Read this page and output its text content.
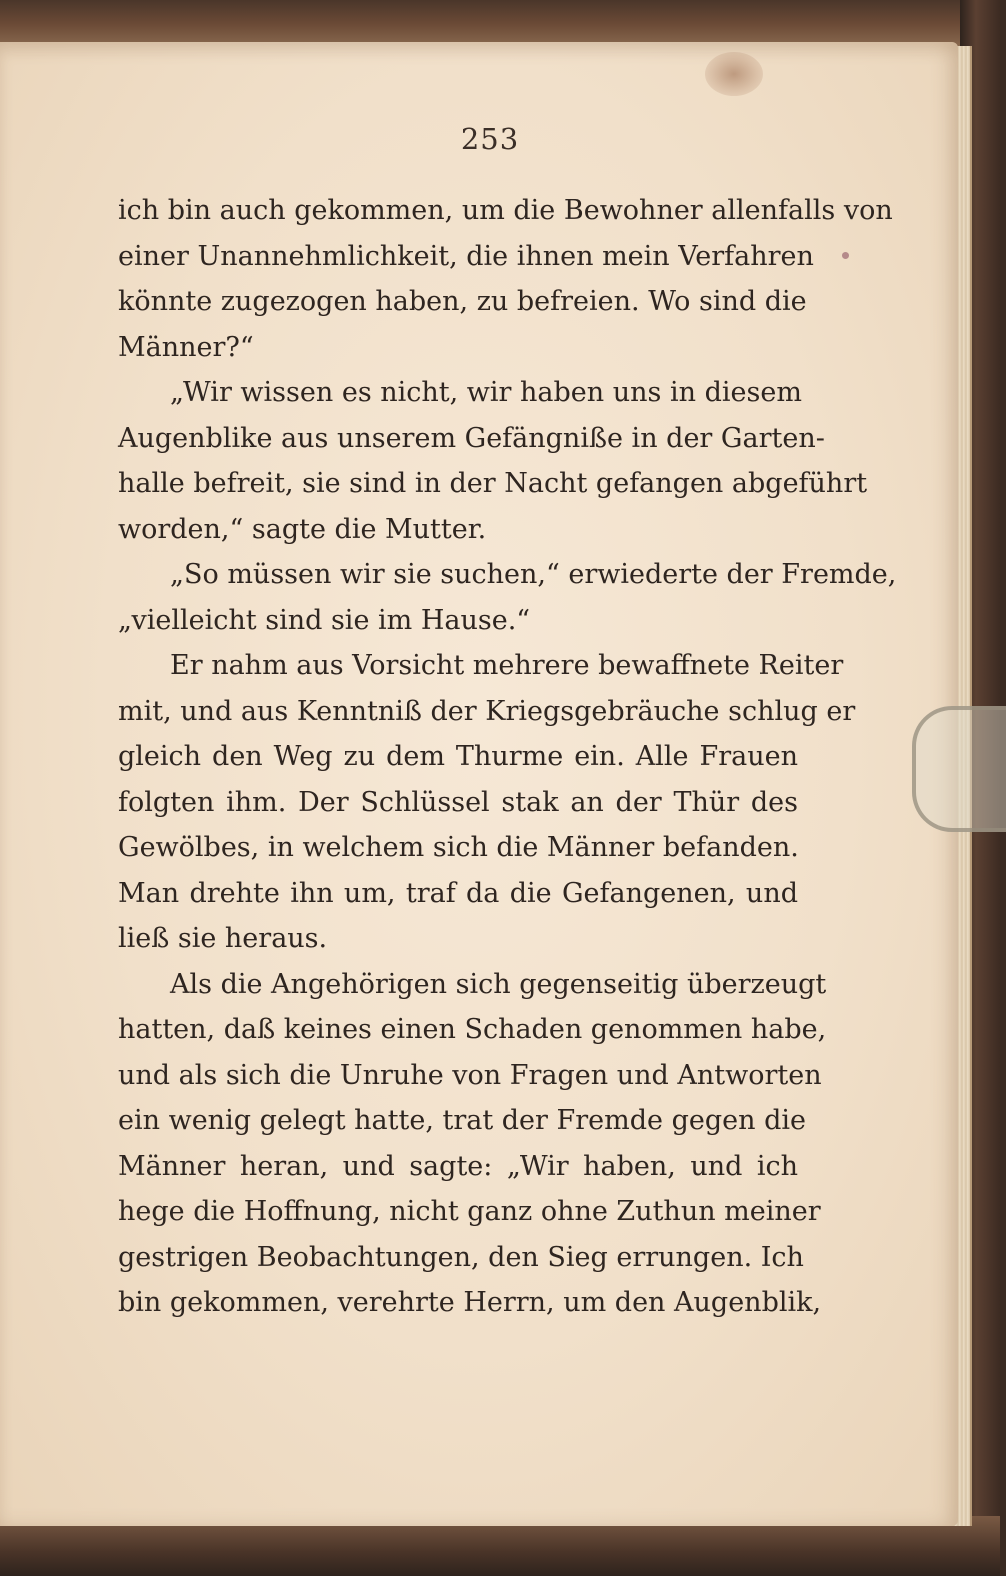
253
ich bin auch gekommen, um die Bewohner allenfalls von
einer Unannehmlichkeit, die ihnen mein Verfahren
könnte zugezogen haben, zu befreien. Wo sind die
Männer?“
„Wir wissen es nicht, wir haben uns in diesem
Augenblike aus unserem Gefängniße in der Garten-
halle befreit, sie sind in der Nacht gefangen abgeführt
worden,“ sagte die Mutter.
„So müssen wir sie suchen,“ erwiederte der Fremde,
„vielleicht sind sie im Hause.“
Er nahm aus Vorsicht mehrere bewaffnete Reiter
mit, und aus Kenntniß der Kriegsgebräuche schlug er
gleich den Weg zu dem Thurme ein. Alle Frauen
folgten ihm. Der Schlüssel stak an der Thür des
Gewölbes, in welchem sich die Männer befanden.
Man drehte ihn um, traf da die Gefangenen, und
ließ sie heraus.
Als die Angehörigen sich gegenseitig überzeugt
hatten, daß keines einen Schaden genommen habe,
und als sich die Unruhe von Fragen und Antworten
ein wenig gelegt hatte, trat der Fremde gegen die
Männer heran, und sagte: „Wir haben, und ich
hege die Hoffnung, nicht ganz ohne Zuthun meiner
gestrigen Beobachtungen, den Sieg errungen. Ich
bin gekommen, verehrte Herrn, um den Augenblik,
